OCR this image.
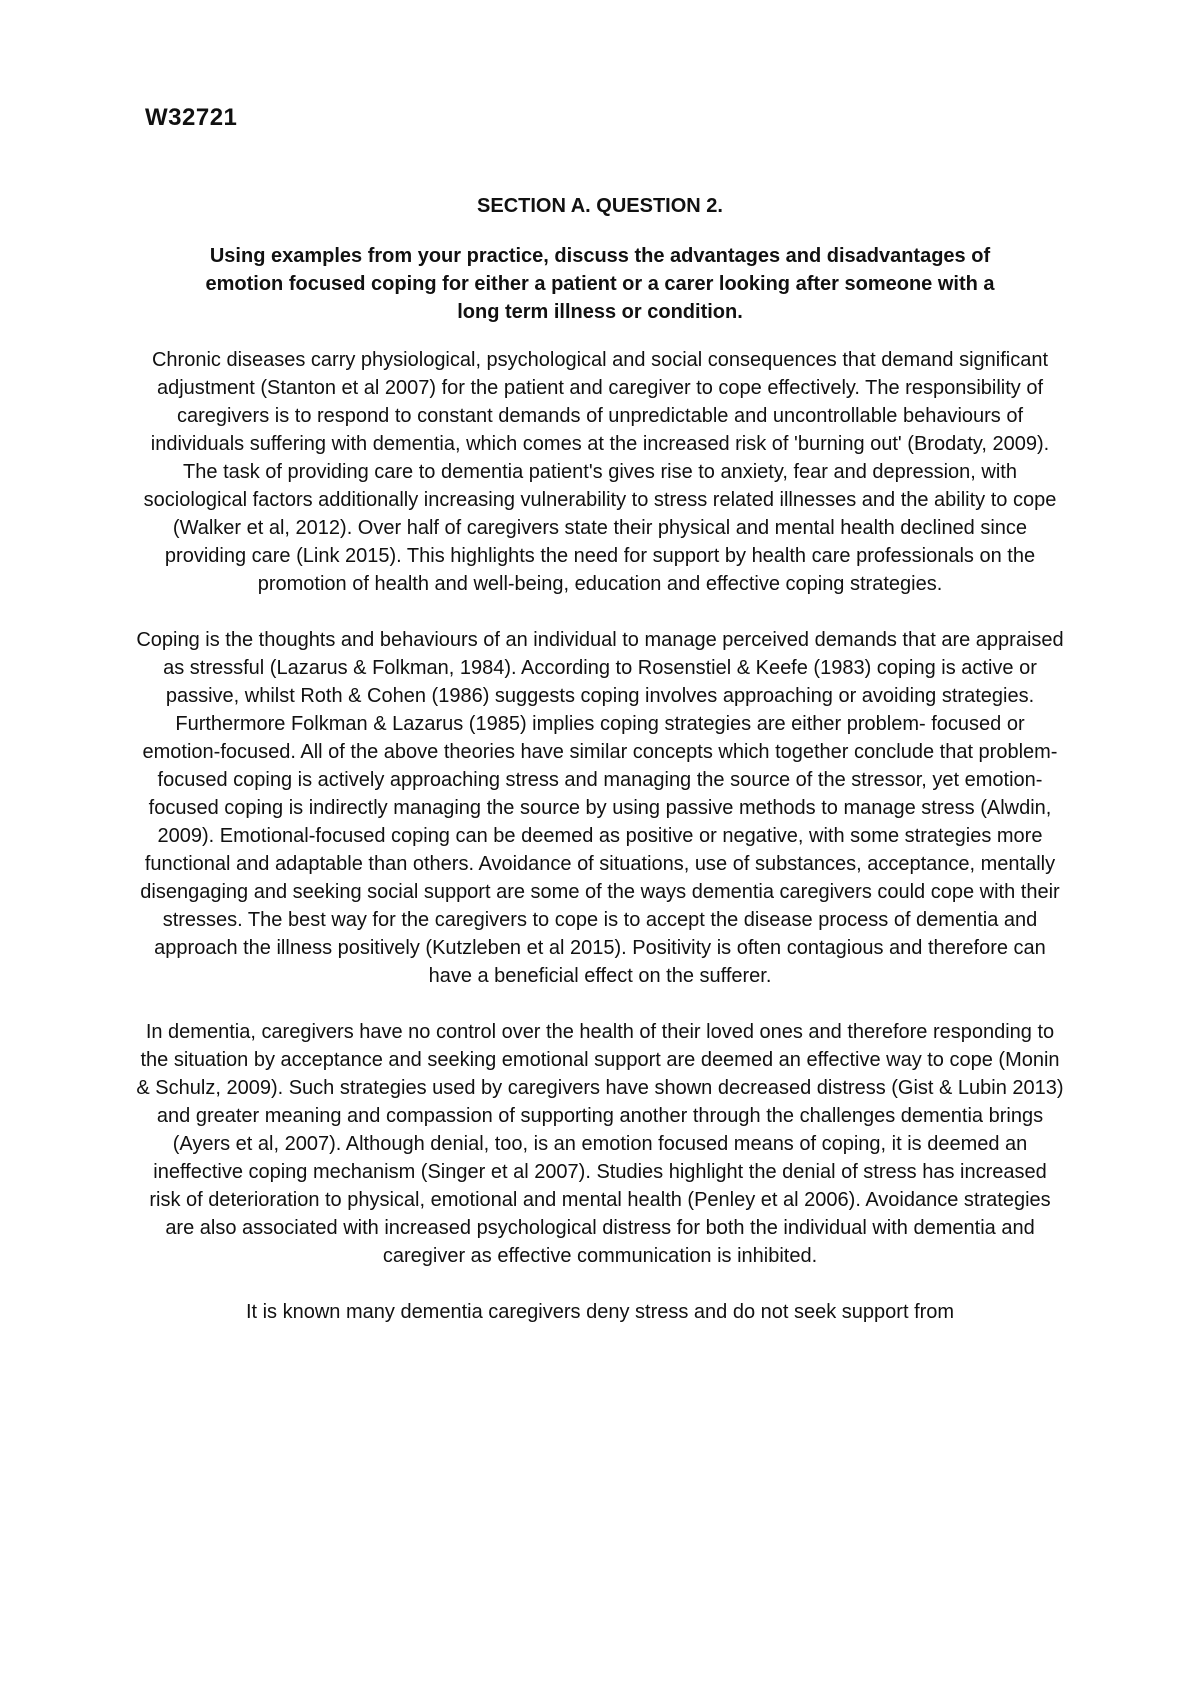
W32721

SECTION A. QUESTION 2.

Using examples from your practice, discuss the advantages and disadvantages of emotion focused coping for either a patient or a carer looking after someone with a long term illness or condition.

Chronic diseases carry physiological, psychological and social consequences that demand significant adjustment (Stanton et al 2007) for the patient and caregiver to cope effectively. The responsibility of caregivers is to respond to constant demands of unpredictable and uncontrollable behaviours of individuals suffering with dementia, which comes at the increased risk of 'burning out' (Brodaty, 2009). The task of providing care to dementia patient's gives rise to anxiety, fear and depression, with sociological factors additionally increasing vulnerability to stress related illnesses and the ability to cope (Walker et al, 2012). Over half of caregivers state their physical and mental health declined since providing care (Link 2015). This highlights the need for support by health care professionals on the promotion of health and well-being, education and effective coping strategies.

Coping is the thoughts and behaviours of an individual to manage perceived demands that are appraised as stressful (Lazarus & Folkman, 1984). According to Rosenstiel & Keefe (1983) coping is active or passive, whilst Roth & Cohen (1986) suggests coping involves approaching or avoiding strategies. Furthermore Folkman & Lazarus (1985) implies coping strategies are either problem- focused or emotion-focused. All of the above theories have similar concepts which together conclude that problem-focused coping is actively approaching stress and managing the source of the stressor, yet emotion-focused coping is indirectly managing the source by using passive methods to manage stress (Alwdin, 2009). Emotional-focused coping can be deemed as positive or negative, with some strategies more functional and adaptable than others. Avoidance of situations, use of substances, acceptance, mentally disengaging and seeking social support are some of the ways dementia caregivers could cope with their stresses. The best way for the caregivers to cope is to accept the disease process of dementia and approach the illness positively (Kutzleben et al 2015). Positivity is often contagious and therefore can have a beneficial effect on the sufferer.

In dementia, caregivers have no control over the health of their loved ones and therefore responding to the situation by acceptance and seeking emotional support are deemed an effective way to cope (Monin & Schulz, 2009). Such strategies used by caregivers have shown decreased distress (Gist & Lubin 2013) and greater meaning and compassion of supporting another through the challenges dementia brings (Ayers et al, 2007). Although denial, too, is an emotion focused means of coping, it is deemed an ineffective coping mechanism (Singer et al 2007). Studies highlight the denial of stress has increased risk of deterioration to physical, emotional and mental health (Penley et al 2006). Avoidance strategies are also associated with increased psychological distress for both the individual with dementia and caregiver as effective communication is inhibited.

It is known many dementia caregivers deny stress and do not seek support from
